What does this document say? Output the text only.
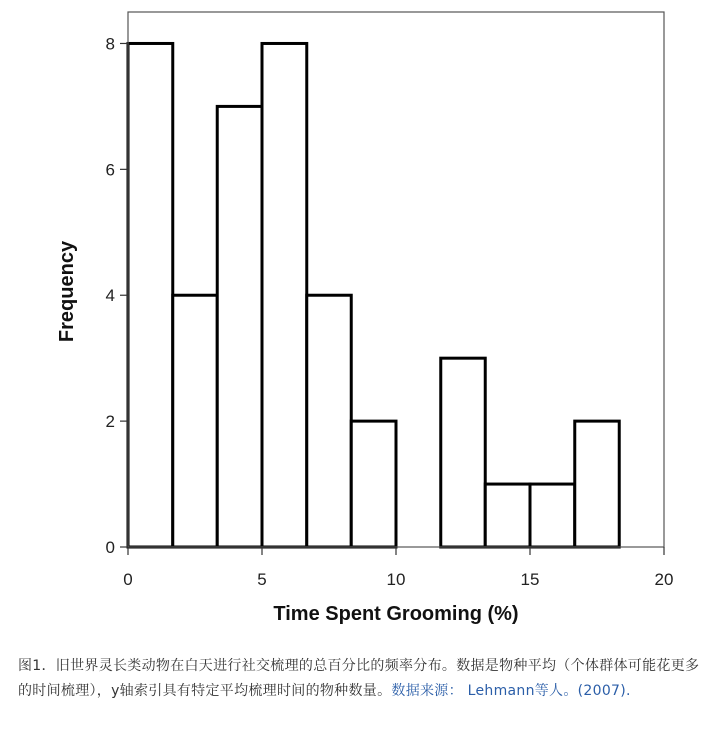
0
2
4
6
8
0	5	10	15	20
Time Spent Grooming (%)
Frequency
图1．旧世界灵长类动物在白天进行社交梳理的总百分比的频率分布。数据是物种平均（个体群体可能花更多的时间梳理），y轴索引具有特定平均梳理时间的物种数量。数据来源： Lehmann等人。(2007).
